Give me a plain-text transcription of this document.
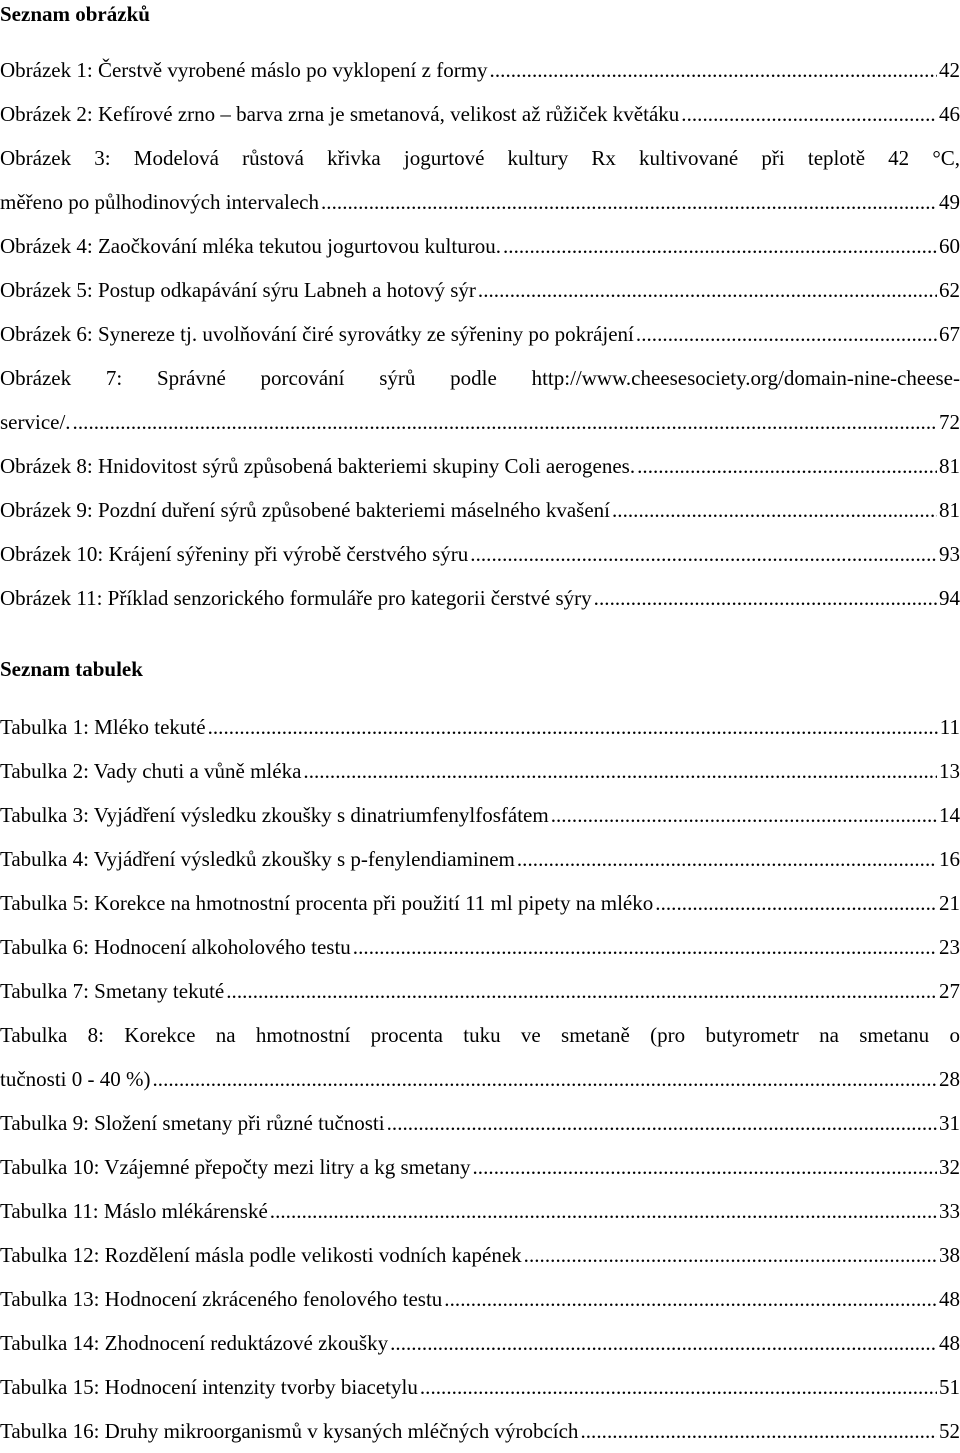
Seznam obrázků
Obrázek 1: Čerstvě vyrobené máslo po vyklopení z formy . . .	42
Obrázek 2: Kefírové zrno – barva zrna je smetanová, velikost až růžiček květáku . . .	46
Obrázek 3: Modelová růstová křivka jogurtové kultury Rx kultivované při teplotě 42 °C,
měřeno po půlhodinových intervalech . . .	49
Obrázek 4: Zaočkování mléka tekutou jogurtovou kulturou. . . .	60
Obrázek 5: Postup odkapávání sýru Labneh a hotový sýr . . .	62
Obrázek 6: Synereze tj. uvolňování čiré syrovátky ze sýřeniny po pokrájení . . .	67
Obrázek 7: Správné porcování sýrů podle http://www.cheesesociety.org/domain-nine-cheese-
service/. . . .	72
Obrázek 8: Hnidovitost sýrů způsobená bakteriemi skupiny Coli aerogenes. . . .	81
Obrázek 9: Pozdní duření sýrů způsobené bakteriemi máselného kvašení . . .	81
Obrázek 10: Krájení sýřeniny při výrobě čerstvého sýru . . .	93
Obrázek 11: Příklad senzorického formuláře pro kategorii čerstvé sýry . . .	94
Seznam tabulek
Tabulka 1: Mléko tekuté . . .	11
Tabulka 2: Vady chuti a vůně mléka . . .	13
Tabulka 3: Vyjádření výsledku zkoušky s dinatriumfenylfosfátem . . .	14
Tabulka 4: Vyjádření výsledků zkoušky s p-fenylendiaminem . . .	16
Tabulka 5: Korekce na hmotnostní procenta při použití 11 ml pipety na mléko . . .	21
Tabulka 6: Hodnocení alkoholového testu . . .	23
Tabulka 7: Smetany tekuté . . .	27
Tabulka 8: Korekce na hmotnostní procenta tuku ve smetaně (pro butyrometr na smetanu o
tučnosti 0 - 40 %) . . .	28
Tabulka 9: Složení smetany při různé tučnosti . . .	31
Tabulka 10: Vzájemné přepočty mezi litry a kg smetany . . .	32
Tabulka 11: Máslo mlékárenské . . .	33
Tabulka 12: Rozdělení másla podle velikosti vodních kapének . . .	38
Tabulka 13: Hodnocení zkráceného fenolového testu . . .	48
Tabulka 14: Zhodnocení reduktázové zkoušky . . .	48
Tabulka 15: Hodnocení intenzity tvorby biacetylu . . .	51
Tabulka 16: Druhy mikroorganismů v kysaných mléčných výrobcích . . .	52
